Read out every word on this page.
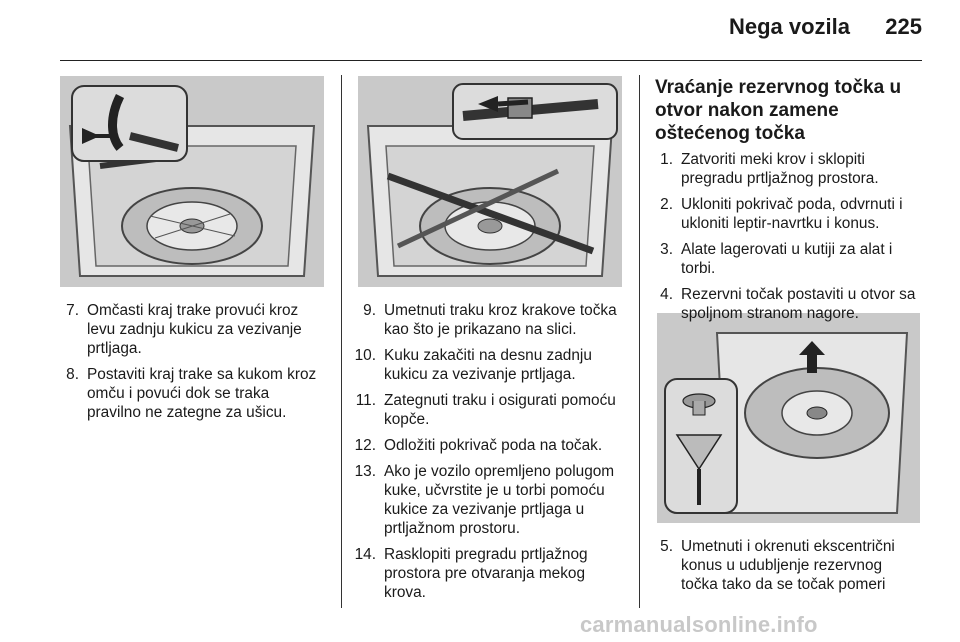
Nega vozila	225
7. Omčasti kraj trake provući kroz levu zadnju kukicu za vezivanje prtljaga.
8. Postaviti kraj trake sa kukom kroz omču i povući dok se traka pravilno ne zategne za ušicu.
9. Umetnuti traku kroz krakove točka kao što je prikazano na slici.
10. Kuku zakačiti na desnu zadnju kukicu za vezivanje prtljaga.
11. Zategnuti traku i osigurati pomoću kopče.
12. Odložiti pokrivač poda na točak.
13. Ako je vozilo opremljeno polugom kuke, učvrstite je u torbi pomoću kukice za vezivanje prtljaga u prtljažnom prostoru.
14. Rasklopiti pregradu prtljažnog prostora pre otvaranja mekog krova.
Vraćanje rezervnog točka u otvor nakon zamene oštećenog točka
1. Zatvoriti meki krov i sklopiti pregradu prtljažnog prostora.
2. Ukloniti pokrivač poda, odvrnuti i ukloniti leptir-navrtku i konus.
3. Alate lagerovati u kutiji za alat i torbi.
4. Rezervni točak postaviti u otvor sa spoljnom stranom nagore.
5. Umetnuti i okrenuti ekscentrični konus u udubljenje rezervnog točka tako da se točak pomeri
carmanualsonline.info
